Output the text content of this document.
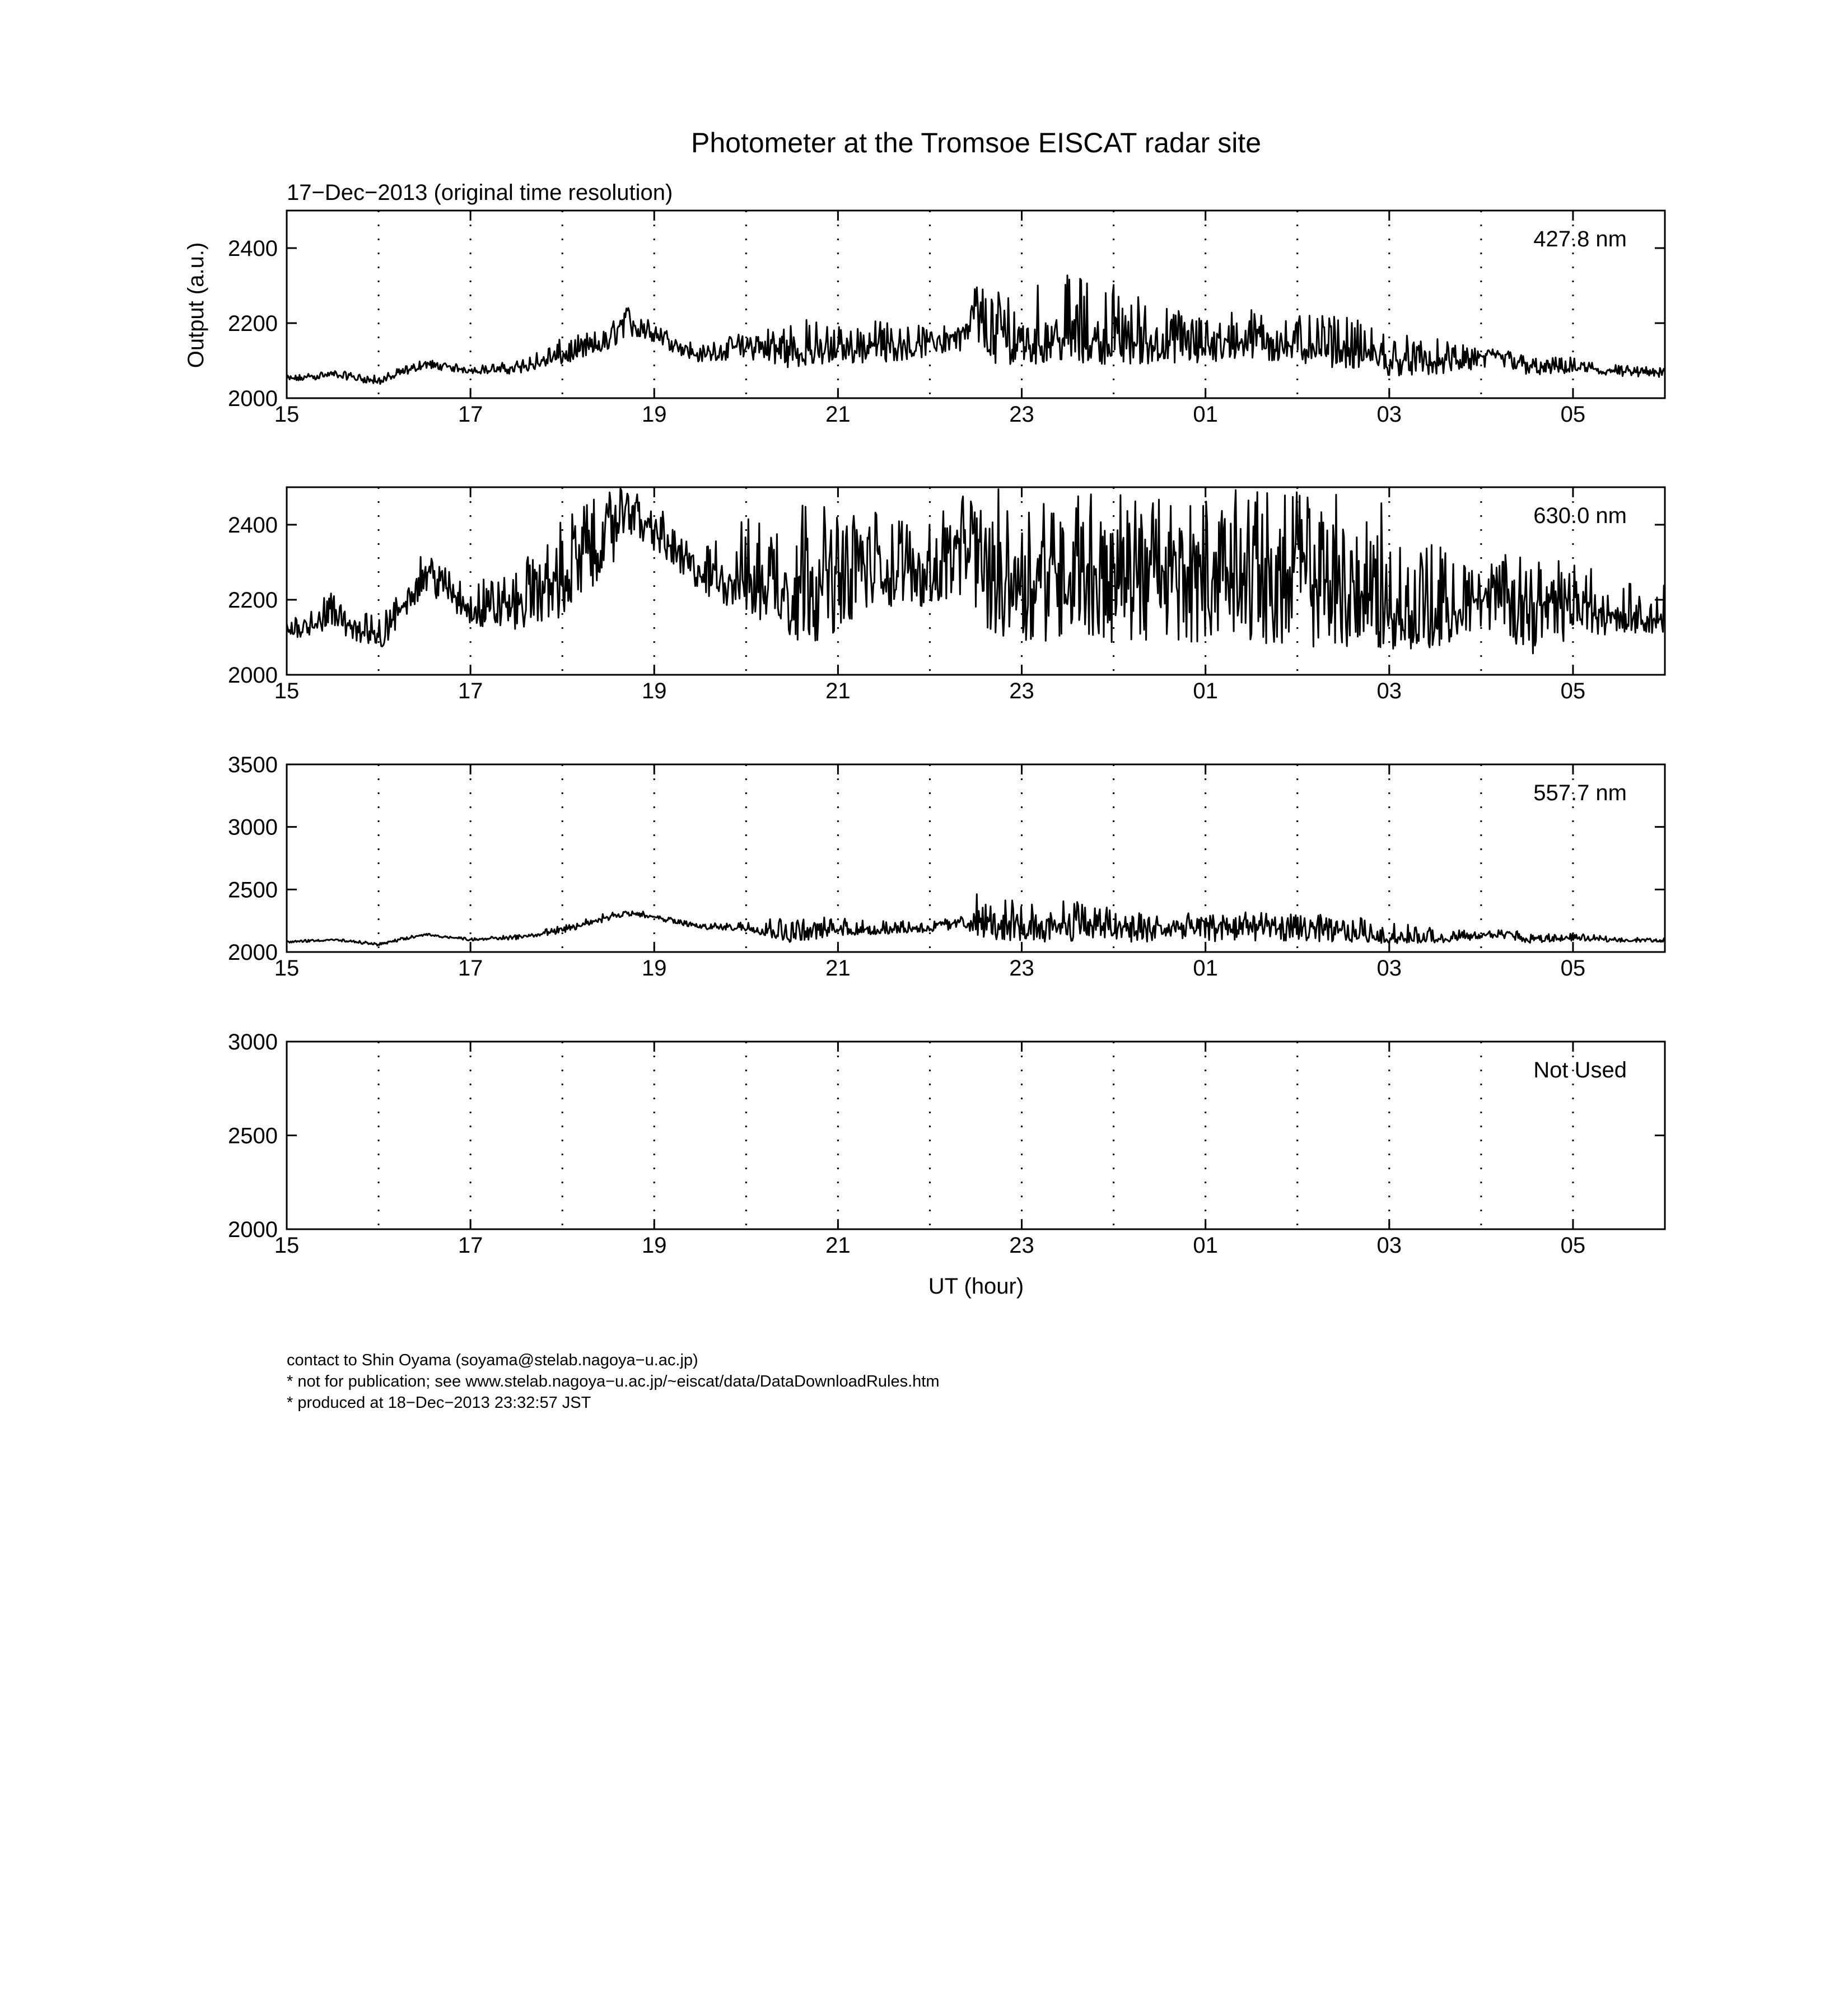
Photometer at the Tromsoe EISCAT radar site
17−Dec−2013 (original time resolution)
Output (a.u.)
UT (hour)
15	17	19	21	23	01	03	05
2000
2200
2400	427.8 nm
15	17	19	21	23	01	03	05
2000
2200
2400	630.0 nm
15	17	19	21	23	01	03	05
2000
2500
3000
3500
557.7 nm
15	17	19	21	23	01	03	05
2000
2500
3000
Not Used
contact to Shin Oyama (soyama@stelab.nagoya−u.ac.jp)
* not for publication; see www.stelab.nagoya−u.ac.jp/~eiscat/data/DataDownloadRules.htm
* produced at 18−Dec−2013 23:32:57 JST
